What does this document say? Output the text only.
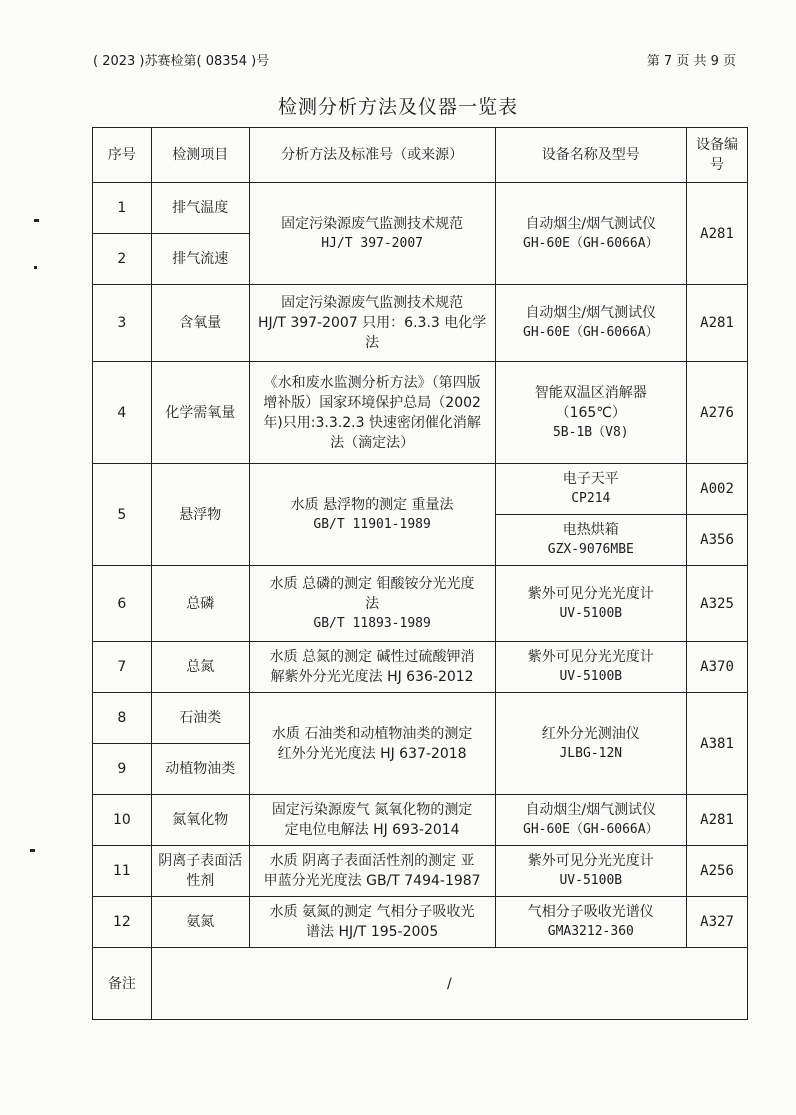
( 2023 )苏赛检第( 08354 )号	第 7 页 共 9 页
检测分析方法及仪器一览表
序号	检测项目	分析方法及标准号（或来源）	设备名称及型号	设备编号
1	排气温度	固定污染源废气监测技术规范
HJ/T 397-2007	自动烟尘/烟气测试仪
GH-60E（GH-6066A）	A281
2	排气流速			
3	含氧量	固定污染源废气监测技术规范
HJ/T 397-2007 只用：6.3.3 电化学
法	自动烟尘/烟气测试仪
GH-60E（GH-6066A）	A281
4	化学需氧量	《水和废水监测分析方法》（第四版
增补版）国家环境保护总局（2002
年)只用:3.3.2.3 快速密闭催化消解
法（滴定法）	智能双温区消解器
（165℃）
5B-1B（V8)	A276
5	悬浮物	水质 悬浮物的测定 重量法
GB/T 11901-1989	电子天平
CP214	A002

			电热烘箱
GZX-9076MBE	A356
6	总磷	水质 总磷的测定 钼酸铵分光光度
法
GB/T 11893-1989	紫外可见分光光度计
UV-5100B	A325
7	总氮	水质 总氮的测定 碱性过硫酸钾消
解紫外分光光度法 HJ 636-2012	紫外可见分光光度计
UV-5100B	A370
8	石油类	水质 石油类和动植物油类的测定
红外分光光度法 HJ 637-2018	红外分光测油仪
JLBG-12N	A381
9	动植物油类			
10	氮氧化物	固定污染源废气 氮氧化物的测定
定电位电解法 HJ 693-2014	自动烟尘/烟气测试仪
GH-60E（GH-6066A）	A281
11	阴离子表面活性剂	水质 阴离子表面活性剂的测定 亚
甲蓝分光光度法 GB/T 7494-1987	紫外可见分光光度计
UV-5100B	A256
12	氨氮	水质 氨氮的测定 气相分子吸收光
谱法 HJ/T 195-2005	气相分子吸收光谱仪
GMA3212-360	A327
备注	/			
